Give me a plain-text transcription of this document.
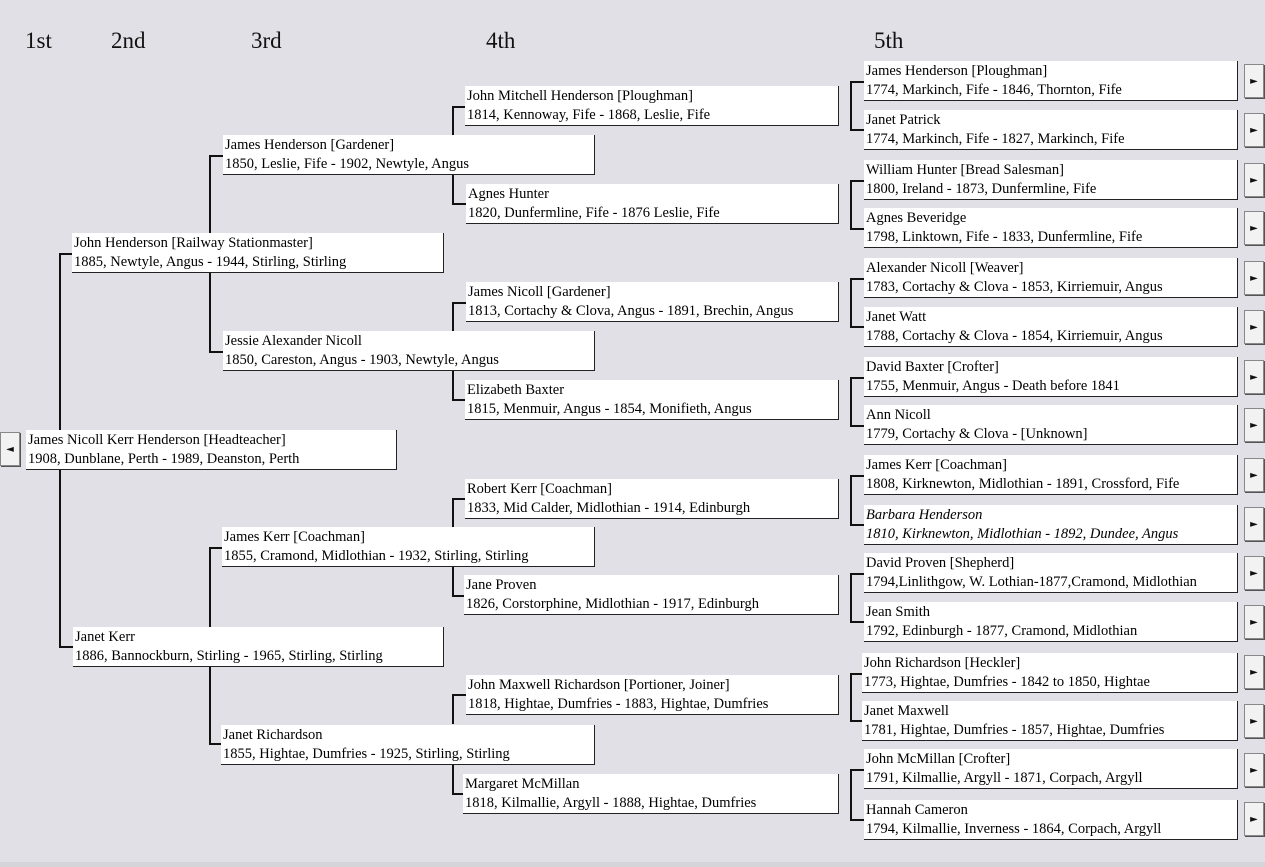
1st	2nd	3rd	4th	5th
◄
James Nicoll Kerr Henderson [Headteacher]
1908, Dunblane, Perth - 1989, Deanston, Perth
John Henderson [Railway Stationmaster]
1885, Newtyle, Angus - 1944, Stirling, Stirling
Janet Kerr
1886, Bannockburn, Stirling - 1965, Stirling, Stirling
James Henderson [Gardener]
1850, Leslie, Fife - 1902, Newtyle, Angus
Jessie Alexander Nicoll
1850, Careston, Angus - 1903, Newtyle, Angus
James Kerr [Coachman]
1855, Cramond, Midlothian - 1932, Stirling, Stirling
Janet Richardson
1855, Hightae, Dumfries - 1925, Stirling, Stirling
John Mitchell Henderson [Ploughman]
1814, Kennoway, Fife - 1868, Leslie, Fife
Agnes Hunter
1820, Dunfermline, Fife - 1876 Leslie, Fife
James Nicoll [Gardener]
1813, Cortachy & Clova, Angus - 1891, Brechin, Angus
Elizabeth Baxter
1815, Menmuir, Angus - 1854, Monifieth, Angus
Robert Kerr [Coachman]
1833, Mid Calder, Midlothian - 1914, Edinburgh
Jane Proven
1826, Corstorphine, Midlothian - 1917, Edinburgh
John Maxwell Richardson [Portioner, Joiner]
1818, Hightae, Dumfries - 1883, Hightae, Dumfries
Margaret McMillan
1818, Kilmallie, Argyll - 1888, Hightae, Dumfries
James Henderson [Ploughman]
1774, Markinch, Fife - 1846, Thornton, Fife
Janet Patrick
1774, Markinch, Fife - 1827, Markinch, Fife
William Hunter [Bread Salesman]
1800, Ireland - 1873, Dunfermline, Fife
Agnes Beveridge
1798, Linktown, Fife - 1833, Dunfermline, Fife
Alexander Nicoll [Weaver]
1783, Cortachy & Clova - 1853, Kirriemuir, Angus
Janet Watt
1788, Cortachy & Clova - 1854, Kirriemuir, Angus
David Baxter [Crofter]
1755, Menmuir, Angus - Death before 1841
Ann Nicoll
1779, Cortachy & Clova - [Unknown]
James Kerr [Coachman]
1808, Kirknewton, Midlothian - 1891, Crossford, Fife
Barbara Henderson
1810, Kirknewton, Midlothian - 1892, Dundee, Angus
David Proven [Shepherd]
1794,Linlithgow, W. Lothian-1877,Cramond, Midlothian
Jean Smith
1792, Edinburgh - 1877, Cramond, Midlothian
John Richardson [Heckler]
1773, Hightae, Dumfries - 1842 to 1850, Hightae
Janet Maxwell
1781, Hightae, Dumfries - 1857, Hightae, Dumfries
John McMillan [Crofter]
1791, Kilmallie, Argyll - 1871, Corpach, Argyll
Hannah Cameron
1794, Kilmallie, Inverness - 1864, Corpach, Argyll
►
►
►
►
►
►
►
►
►
►
►
►
►
►
►
►
